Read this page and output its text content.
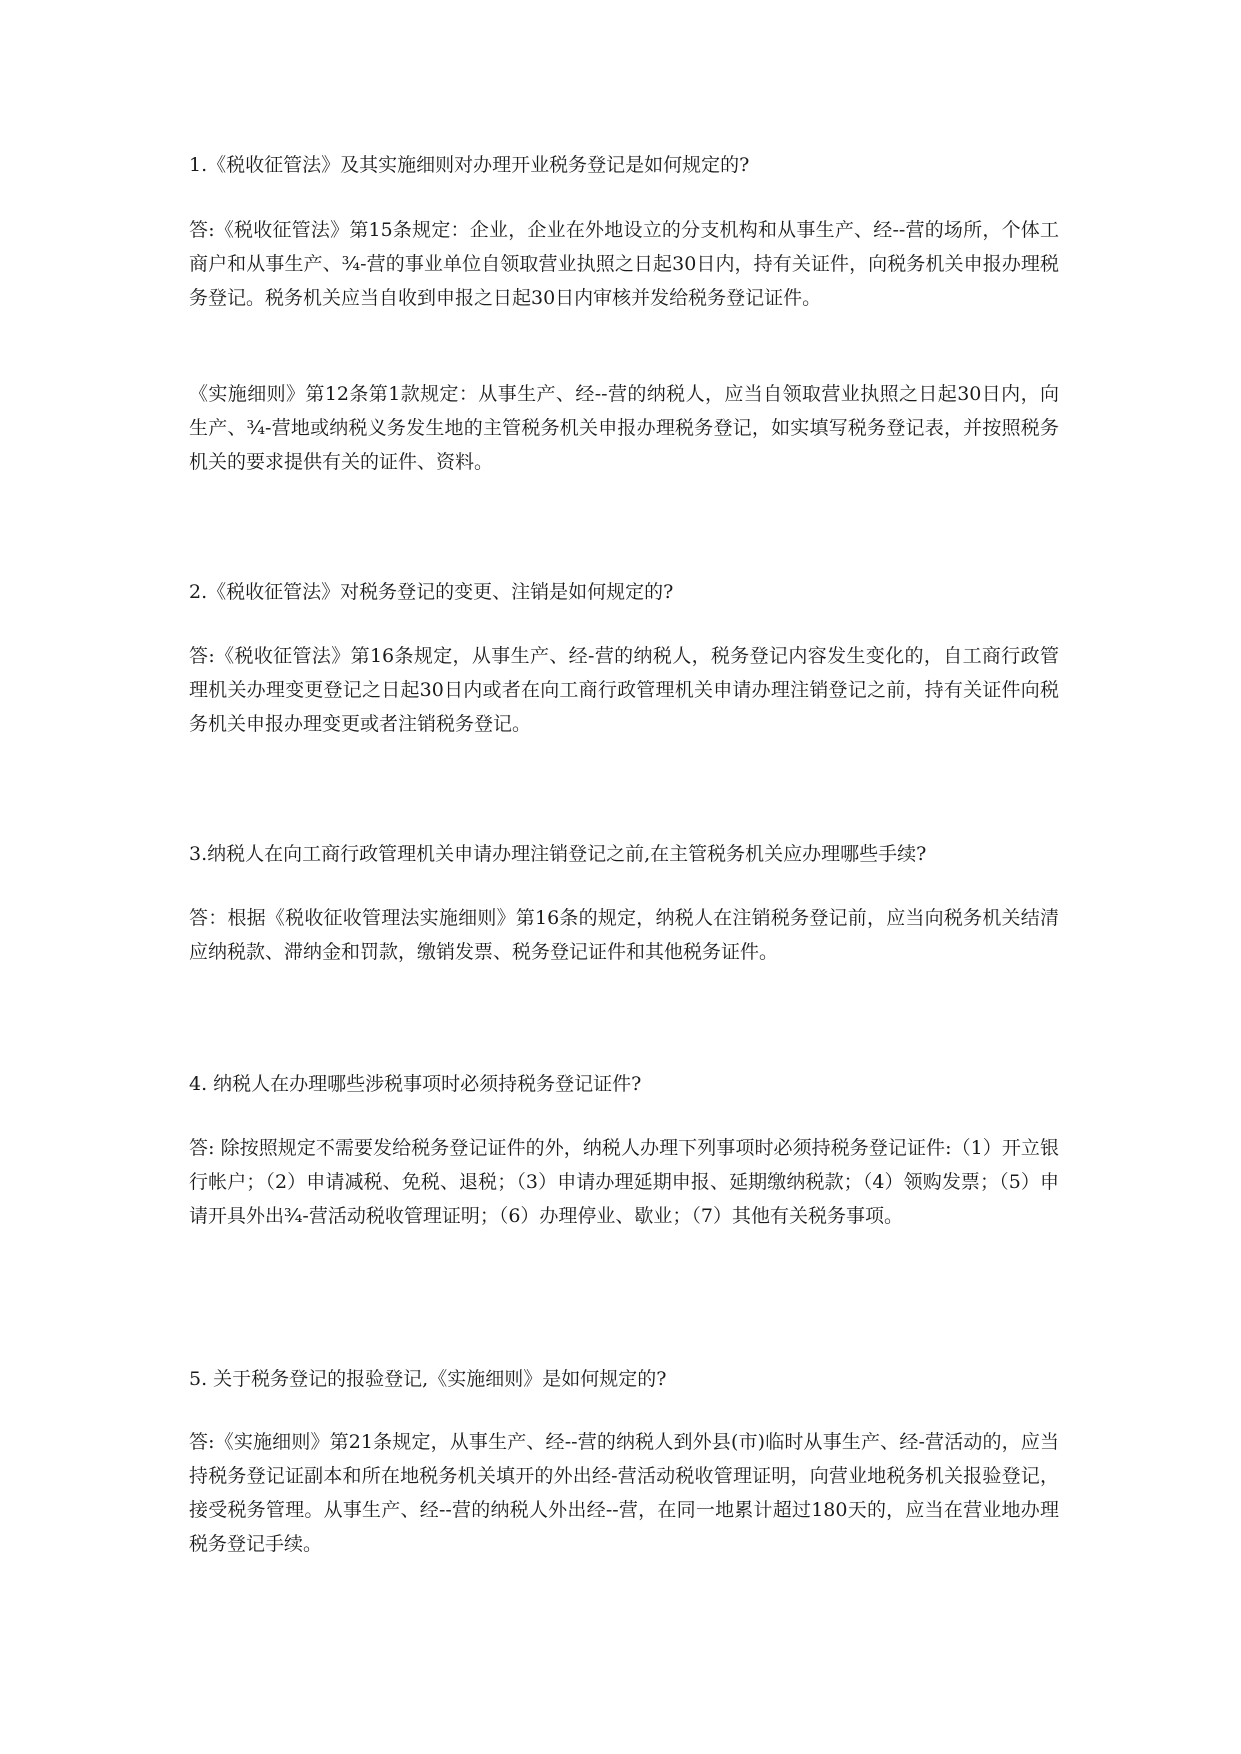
1.《税收征管法》及其实施细则对办理开业税务登记是如何规定的?

答:《税收征管法》第15条规定：企业，企业在外地设立的分支机构和从事生产、经--营的场所，个体工商户和从事生产、¾-营的事业单位自领取营业执照之日起30日内，持有关证件，向税务机关申报办理税务登记。税务机关应当自收到申报之日起30日内审核并发给税务登记证件。

《实施细则》第12条第1款规定：从事生产、经--营的纳税人，应当自领取营业执照之日起30日内，向生产、¾-营地或纳税义务发生地的主管税务机关申报办理税务登记，如实填写税务登记表，并按照税务机关的要求提供有关的证件、资料。

2.《税收征管法》对税务登记的变更、注销是如何规定的?

答:《税收征管法》第16条规定，从事生产、经-营的纳税人，税务登记内容发生变化的，自工商行政管理机关办理变更登记之日起30日内或者在向工商行政管理机关申请办理注销登记之前，持有关证件向税务机关申报办理变更或者注销税务登记。

3.纳税人在向工商行政管理机关申请办理注销登记之前,在主管税务机关应办理哪些手续?

答：根据《税收征收管理法实施细则》第16条的规定，纳税人在注销税务登记前，应当向税务机关结清应纳税款、滞纳金和罚款，缴销发票、税务登记证件和其他税务证件。

4. 纳税人在办理哪些涉税事项时必须持税务登记证件?

答: 除按照规定不需要发给税务登记证件的外，纳税人办理下列事项时必须持税务登记证件:（1）开立银行帐户；（2）申请减税、免税、退税；（3）申请办理延期申报、延期缴纳税款；（4）领购发票；（5）申请开具外出¾-营活动税收管理证明；（6）办理停业、歇业；（7）其他有关税务事项。

5. 关于税务登记的报验登记,《实施细则》是如何规定的?

答:《实施细则》第21条规定，从事生产、经--营的纳税人到外县(市)临时从事生产、经-营活动的，应当持税务登记证副本和所在地税务机关填开的外出经-营活动税收管理证明，向营业地税务机关报验登记，接受税务管理。从事生产、经--营的纳税人外出经--营，在同一地累计超过180天的，应当在营业地办理税务登记手续。
